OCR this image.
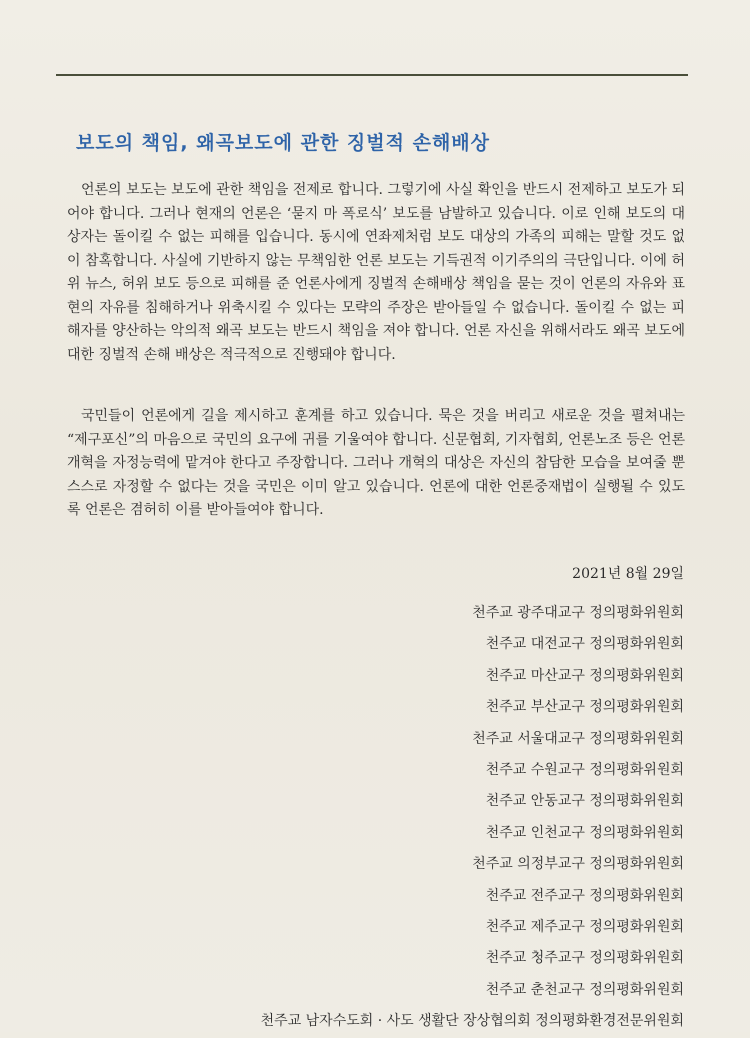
보도의 책임, 왜곡보도에 관한 징벌적 손해배상

언론의 보도는 보도에 관한 책임을 전제로 합니다. 그렇기에 사실 확인을 반드시 전제하고 보도가 되어야 합니다. 그러나 현재의 언론은 ‘묻지 마 폭로식’ 보도를 남발하고 있습니다. 이로 인해 보도의 대상자는 돌이킬 수 없는 피해를 입습니다. 동시에 연좌제처럼 보도 대상의 가족의 피해는 말할 것도 없이 참혹합니다. 사실에 기반하지 않는 무책임한 언론 보도는 기득권적 이기주의의 극단입니다. 이에 허위 뉴스, 허위 보도 등으로 피해를 준 언론사에게 징벌적 손해배상 책임을 묻는 것이 언론의 자유와 표현의 자유를 침해하거나 위축시킬 수 있다는 모략의 주장은 받아들일 수 없습니다. 돌이킬 수 없는 피해자를 양산하는 악의적 왜곡 보도는 반드시 책임을 져야 합니다. 언론 자신을 위해서라도 왜곡 보도에 대한 징벌적 손해 배상은 적극적으로 진행돼야 합니다.

국민들이 언론에게 길을 제시하고 훈계를 하고 있습니다. 묵은 것을 버리고 새로운 것을 펼쳐내는 “제구포신”의 마음으로 국민의 요구에 귀를 기울여야 합니다. 신문협회, 기자협회, 언론노조 등은 언론개혁을 자정능력에 맡겨야 한다고 주장합니다. 그러나 개혁의 대상은 자신의 참담한 모습을 보여줄 뿐 스스로 자정할 수 없다는 것을 국민은 이미 알고 있습니다. 언론에 대한 언론중재법이 실행될 수 있도록 언론은 겸허히 이를 받아들여야 합니다.

2021년 8월 29일

천주교 광주대교구 정의평화위원회
천주교 대전교구 정의평화위원회
천주교 마산교구 정의평화위원회
천주교 부산교구 정의평화위원회
천주교 서울대교구 정의평화위원회
천주교 수원교구 정의평화위원회
천주교 안동교구 정의평화위원회
천주교 인천교구 정의평화위원회
천주교 의정부교구 정의평화위원회
천주교 전주교구 정의평화위원회
천주교 제주교구 정의평화위원회
천주교 청주교구 정의평화위원회
천주교 춘천교구 정의평화위원회
천주교 남자수도회 · 사도 생활단 장상협의회 정의평화환경전문위원회
